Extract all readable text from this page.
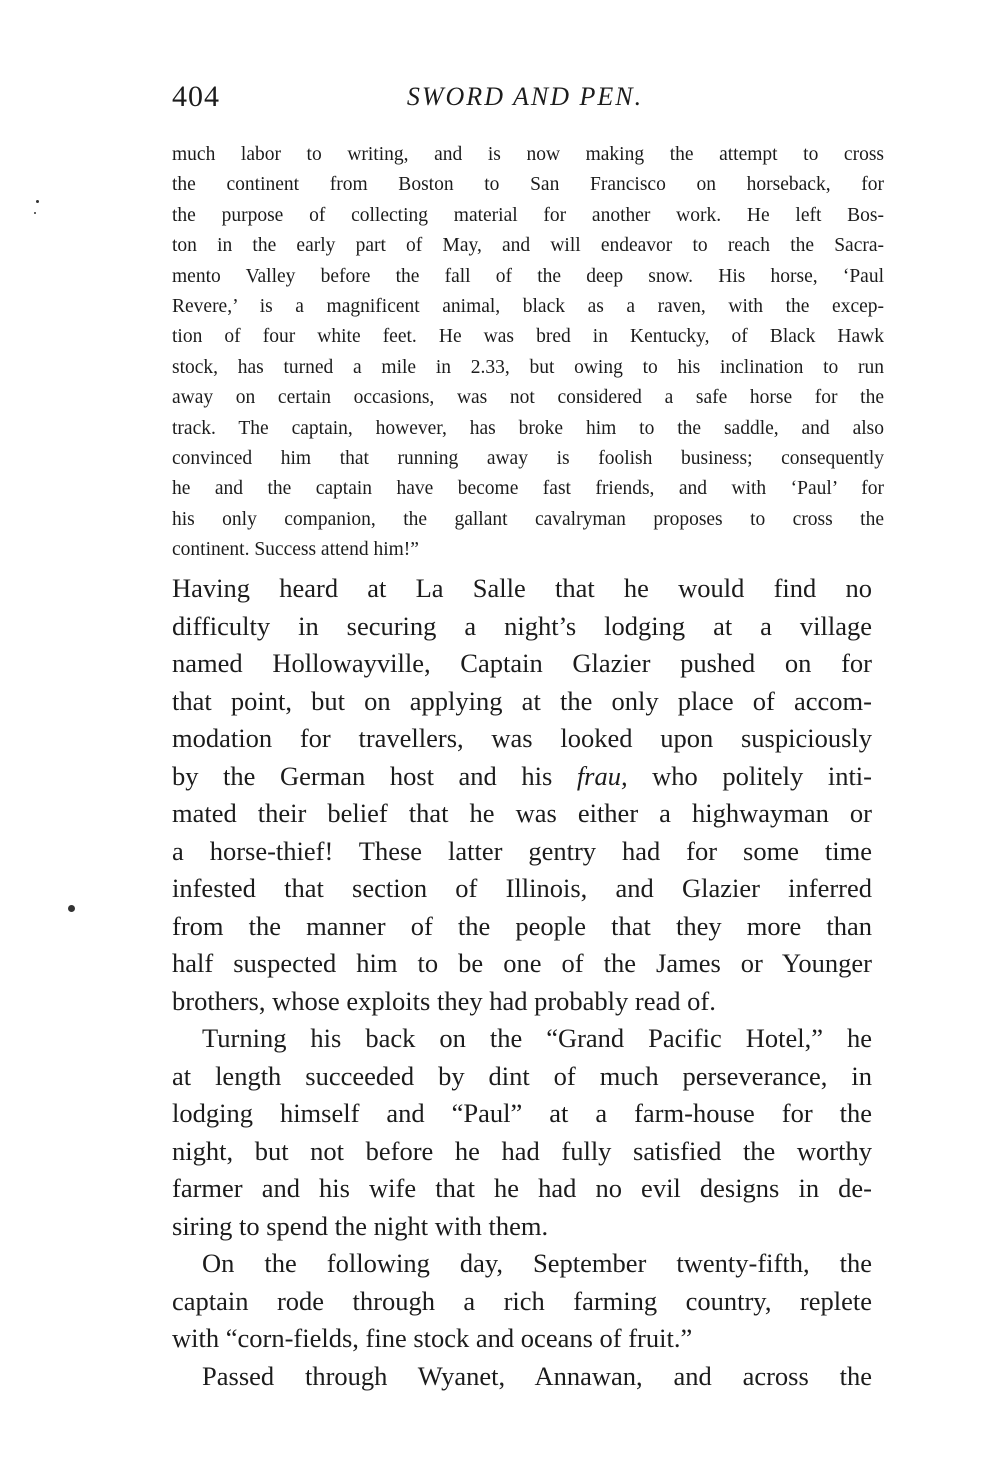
404	SWORD AND PEN.
much labor to writing, and is now making the attempt to cross
the continent from Boston to San Francisco on horseback, for
the purpose of collecting material for another work. He left Bos-
ton in the early part of May, and will endeavor to reach the Sacra-
mento Valley before the fall of the deep snow. His horse, ‘Paul
Revere,’ is a magnificent animal, black as a raven, with the excep-
tion of four white feet. He was bred in Kentucky, of Black Hawk
stock, has turned a mile in 2.33, but owing to his inclination to run
away on certain occasions, was not considered a safe horse for the
track. The captain, however, has broke him to the saddle, and also
convinced him that running away is foolish business; consequently
he and the captain have become fast friends, and with ‘Paul’ for
his only companion, the gallant cavalryman proposes to cross the
continent. Success attend him!”
Having heard at La Salle that he would find no
difficulty in securing a night’s lodging at a village
named Hollowayville, Captain Glazier pushed on for
that point, but on applying at the only place of accom-
modation for travellers, was looked upon suspiciously
by the German host and his frau, who politely inti-
mated their belief that he was either a highwayman or
a horse-thief! These latter gentry had for some time
infested that section of Illinois, and Glazier inferred
from the manner of the people that they more than
half suspected him to be one of the James or Younger
brothers, whose exploits they had probably read of.
Turning his back on the “Grand Pacific Hotel,” he
at length succeeded by dint of much perseverance, in
lodging himself and “Paul” at a farm-house for the
night, but not before he had fully satisfied the worthy
farmer and his wife that he had no evil designs in de-
siring to spend the night with them.
On the following day, September twenty-fifth, the
captain rode through a rich farming country, replete
with “corn-fields, fine stock and oceans of fruit.”
Passed through Wyanet, Annawan, and across the
